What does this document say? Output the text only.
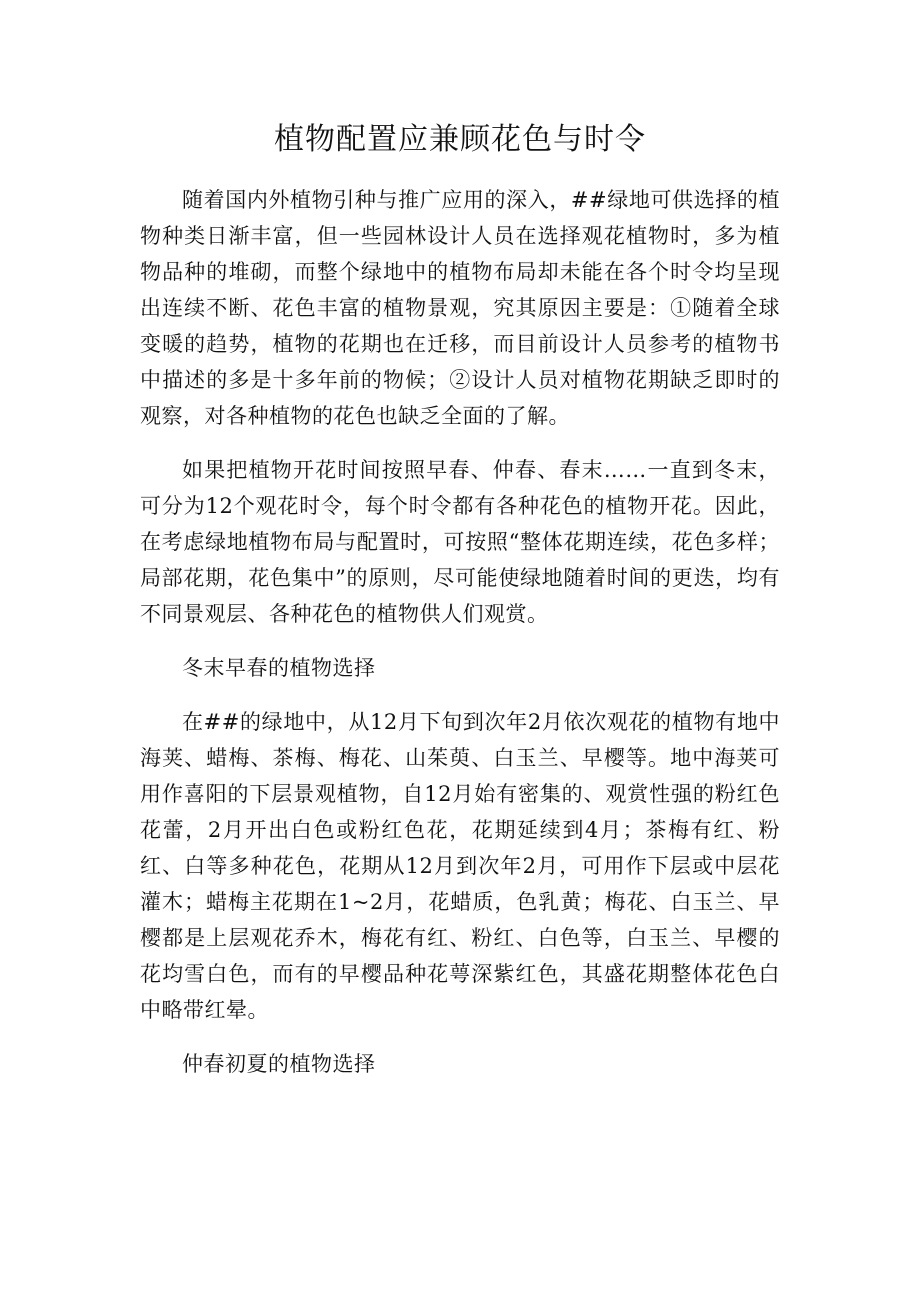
植物配置应兼顾花色与时令

随着国内外植物引种与推广应用的深入，##绿地可供选择的植物种类日渐丰富，但一些园林设计人员在选择观花植物时，多为植物品种的堆砌，而整个绿地中的植物布局却未能在各个时令均呈现出连续不断、花色丰富的植物景观，究其原因主要是：①随着全球变暖的趋势，植物的花期也在迁移，而目前设计人员参考的植物书中描述的多是十多年前的物候；②设计人员对植物花期缺乏即时的观察，对各种植物的花色也缺乏全面的了解。

如果把植物开花时间按照早春、仲春、春末……一直到冬末，可分为12个观花时令，每个时令都有各种花色的植物开花。因此，在考虑绿地植物布局与配置时，可按照“整体花期连续，花色多样；局部花期，花色集中”的原则，尽可能使绿地随着时间的更迭，均有不同景观层、各种花色的植物供人们观赏。

冬末早春的植物选择

在##的绿地中，从12月下旬到次年2月依次观花的植物有地中海荚、蜡梅、茶梅、梅花、山茱萸、白玉兰、早樱等。地中海荚可用作喜阳的下层景观植物，自12月始有密集的、观赏性强的粉红色花蕾，2月开出白色或粉红色花，花期延续到4月；茶梅有红、粉红、白等多种花色，花期从12月到次年2月，可用作下层或中层花灌木；蜡梅主花期在1~2月，花蜡质，色乳黄；梅花、白玉兰、早樱都是上层观花乔木，梅花有红、粉红、白色等，白玉兰、早樱的花均雪白色，而有的早樱品种花萼深紫红色，其盛花期整体花色白中略带红晕。

仲春初夏的植物选择
